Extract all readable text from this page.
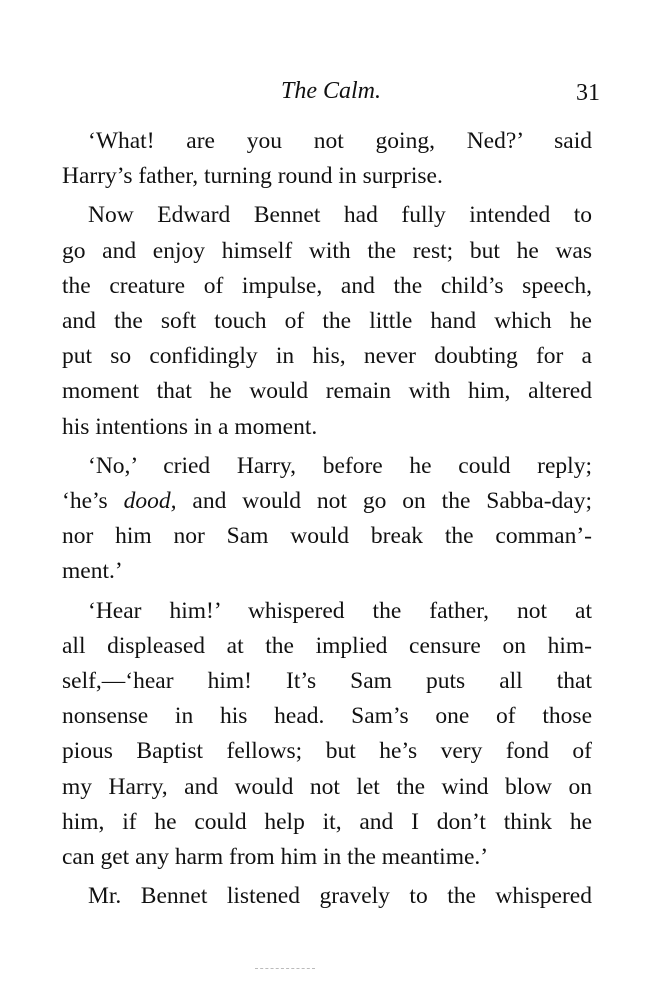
The Calm.	31

‘What! are you not going, Ned?’ said
Harry’s father, turning round in surprise.

Now Edward Bennet had fully intended to
go and enjoy himself with the rest; but he was
the creature of impulse, and the child’s speech,
and the soft touch of the little hand which he
put so confidingly in his, never doubting for a
moment that he would remain with him, altered
his intentions in a moment.

‘No,’ cried Harry, before he could reply;
‘he’s dood, and would not go on the Sabba-day;
nor him nor Sam would break the comman’-
ment.’

‘Hear him!’ whispered the father, not at
all displeased at the implied censure on him-
self,—‘hear him! It’s Sam puts all that
nonsense in his head. Sam’s one of those
pious Baptist fellows; but he’s very fond of
my Harry, and would not let the wind blow on
him, if he could help it, and I don’t think he
can get any harm from him in the meantime.’

Mr. Bennet listened gravely to the whispered
